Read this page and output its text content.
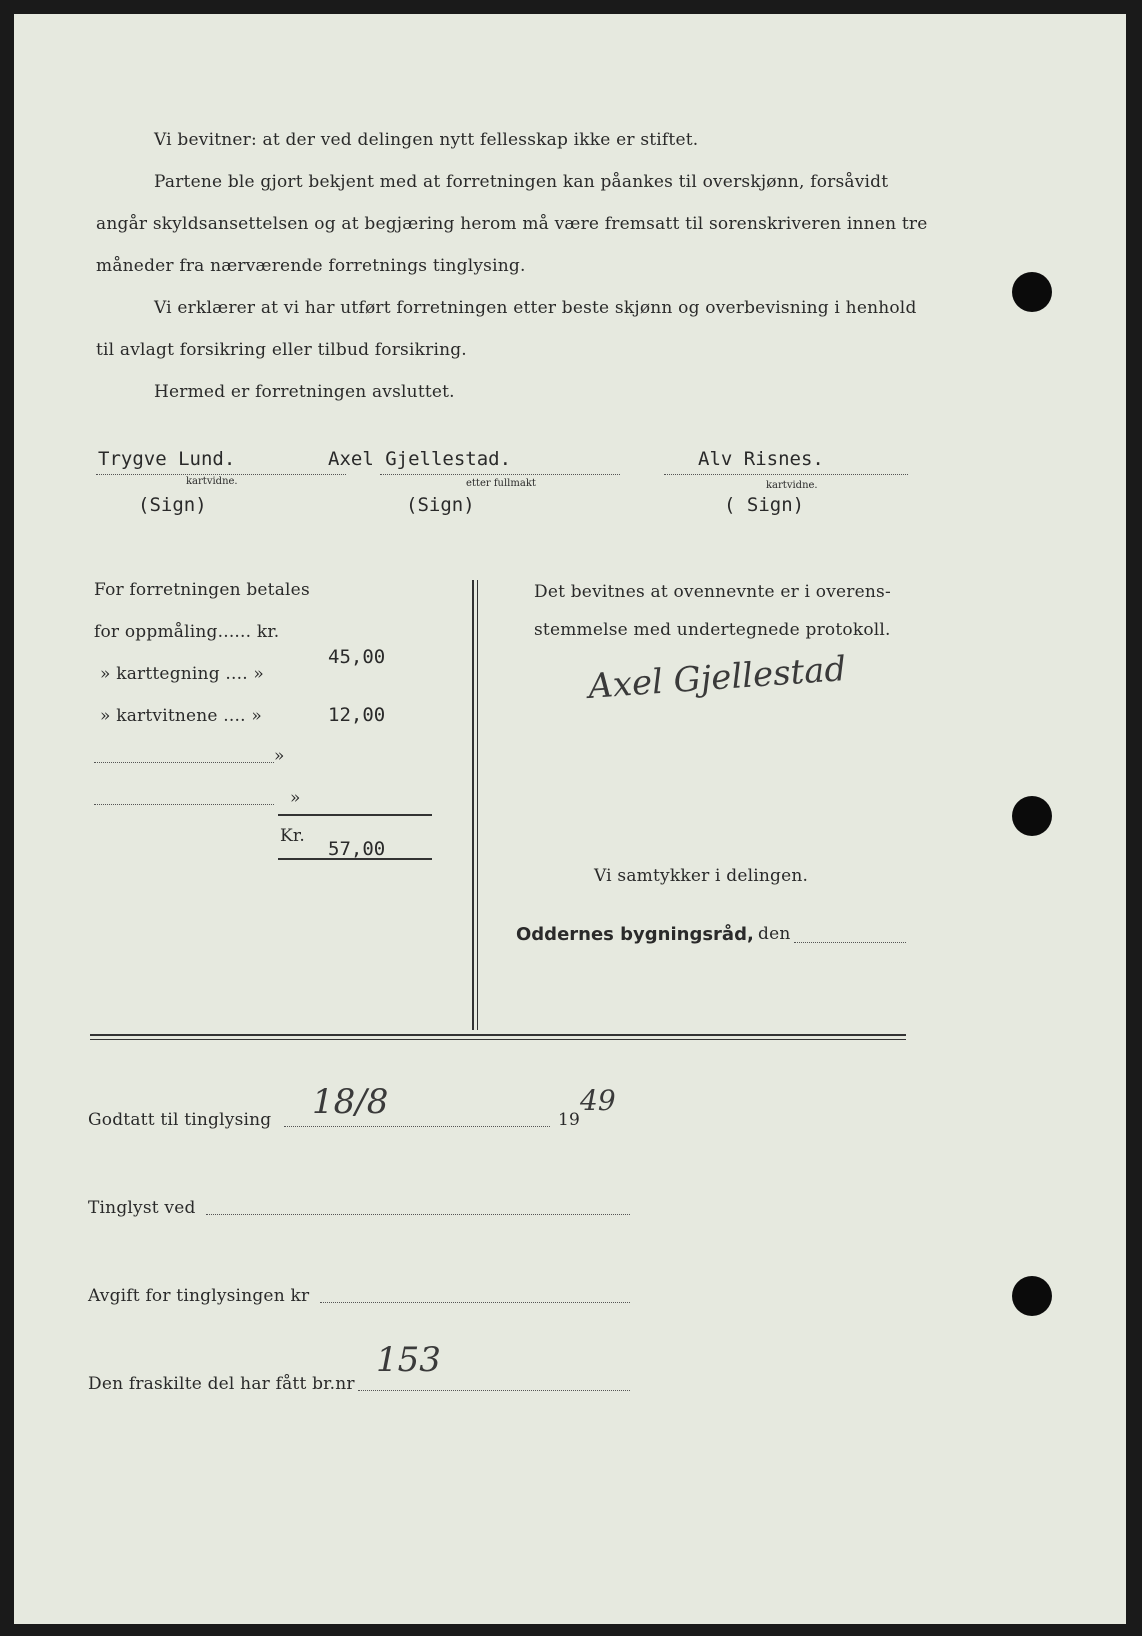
Vi bevitner: at der ved delingen nytt fellesskap ikke er stiftet.
Partene ble gjort bekjent med at forretningen kan påankes til overskjønn, forsåvidt
angår skyldsansettelsen og at begjæring herom må være fremsatt til sorenskriveren innen tre
måneder fra nærværende forretnings tinglysing.
Vi erklærer at vi har utført forretningen etter beste skjønn og overbevisning i henhold
til avlagt forsikring eller tilbud forsikring.
Hermed er forretningen avsluttet.
Trygve Lund.
kartvidne.
(Sign)
Axel Gjellestad.
etter fullmakt
(Sign)
Alv Risnes.
kartvidne.
( Sign)
For forretningen betales
for oppmåling...... kr.
» karttegning .... »
45,00
» kartvitnene .... »	12,00
»
»
Kr.
57,00
Det bevitnes at ovennevnte er i overens-
stemmelse med undertegnede protokoll.
Axel Gjellestad
Vi samtykker i delingen.
Oddernes bygningsråd, den
Godtatt til tinglysing 18/8	19
49
Tinglyst ved
Avgift for tinglysingen kr
Den fraskilte del har fått br.nr
153
